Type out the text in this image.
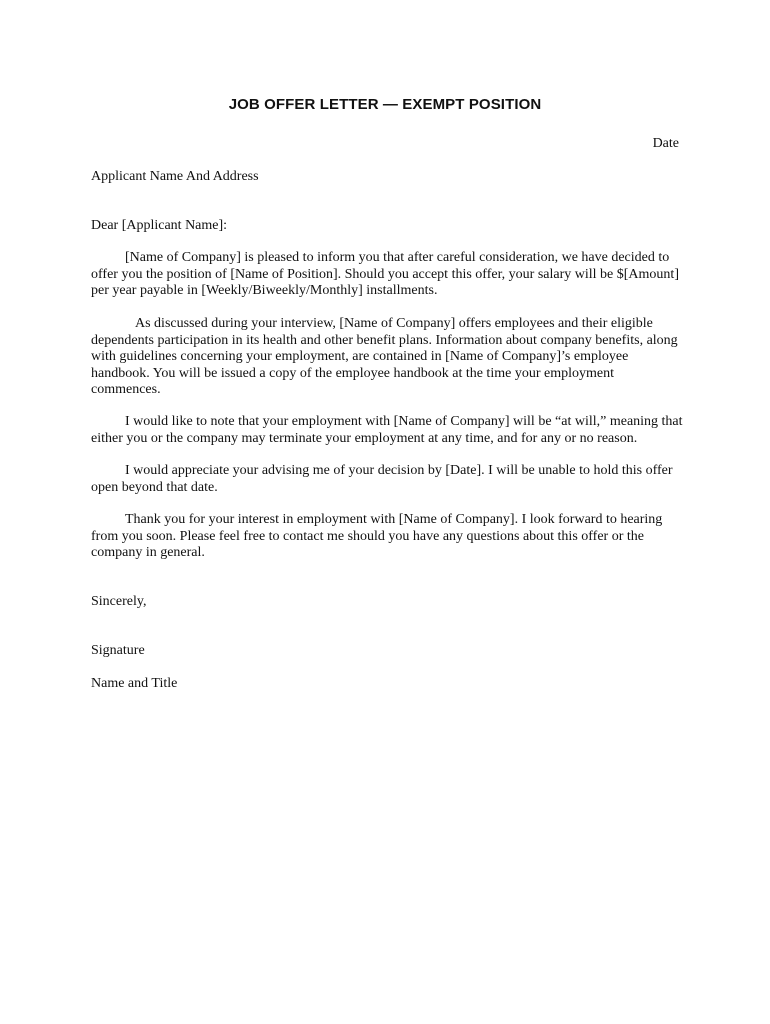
JOB OFFER LETTER — EXEMPT POSITION
Date
Applicant Name And Address
Dear [Applicant Name]:
[Name of Company] is pleased to inform you that after careful consideration, we have decided to
offer you the position of [Name of Position]. Should you accept this offer, your salary will be $[Amount]
per year payable in [Weekly/Biweekly/Monthly] installments.
As discussed during your interview, [Name of Company] offers employees and their eligible
dependents participation in its health and other benefit plans. Information about company benefits, along
with guidelines concerning your employment, are contained in [Name of Company]’s employee
handbook. You will be issued a copy of the employee handbook at the time your employment
commences.
I would like to note that your employment with [Name of Company] will be “at will,” meaning that
either you or the company may terminate your employment at any time, and for any or no reason.
I would appreciate your advising me of your decision by [Date]. I will be unable to hold this offer
open beyond that date.
Thank you for your interest in employment with [Name of Company]. I look forward to hearing
from you soon. Please feel free to contact me should you have any questions about this offer or the
company in general.
Sincerely,
Signature
Name and Title
